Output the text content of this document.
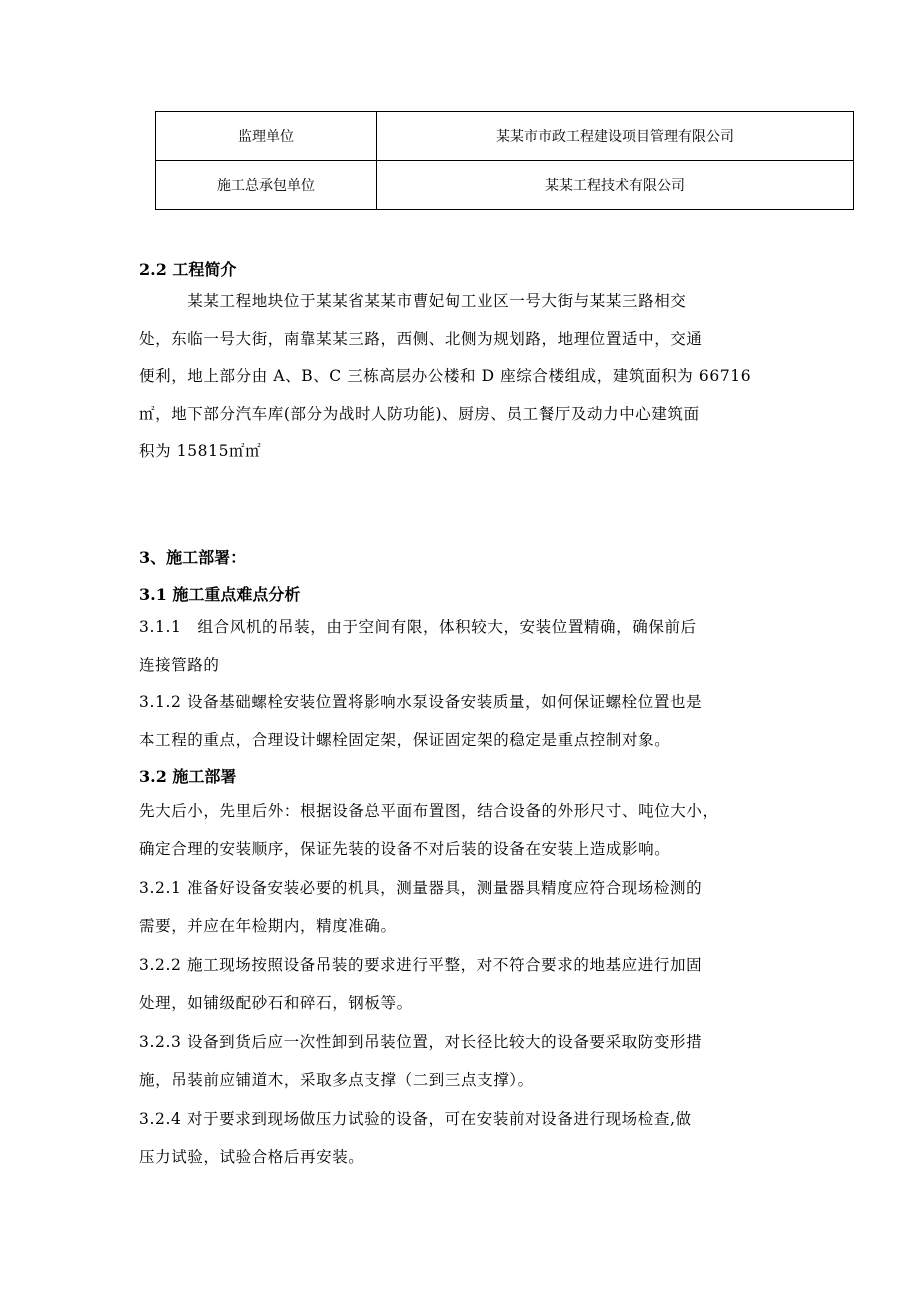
监理单位	某某市市政工程建设项目管理有限公司
施工总承包单位	某某工程技术有限公司
2.2 工程简介
　　　某某工程地块位于某某省某某市曹妃甸工业区一号大街与某某三路相交
处，东临一号大街，南靠某某三路，西侧、北侧为规划路，地理位置适中，交通
便利，地上部分由 A、B、C 三栋高层办公楼和 D 座综合楼组成，建筑面积为 66716
㎡，地下部分汽车库(部分为战时人防功能)、厨房、员工餐厅及动力中心建筑面
积为 15815㎡㎡
3、施工部署：
3.1 施工重点难点分析
3.1.1　组合风机的吊装，由于空间有限，体积较大，安装位置精确，确保前后
连接管路的
3.1.2 设备基础螺栓安装位置将影响水泵设备安装质量，如何保证螺栓位置也是
本工程的重点，合理设计螺栓固定架，保证固定架的稳定是重点控制对象。
3.2 施工部署
先大后小，先里后外：根据设备总平面布置图，结合设备的外形尺寸、吨位大小，
确定合理的安装顺序，保证先装的设备不对后装的设备在安装上造成影响。
3.2.1 准备好设备安装必要的机具，测量器具，测量器具精度应符合现场检测的
需要，并应在年检期内，精度准确。
3.2.2 施工现场按照设备吊装的要求进行平整，对不符合要求的地基应进行加固
处理，如铺级配砂石和碎石，钢板等。
3.2.3 设备到货后应一次性卸到吊装位置，对长径比较大的设备要采取防变形措
施，吊装前应铺道木，采取多点支撑（二到三点支撑）。
3.2.4 对于要求到现场做压力试验的设备，可在安装前对设备进行现场检查,做
压力试验，试验合格后再安装。
